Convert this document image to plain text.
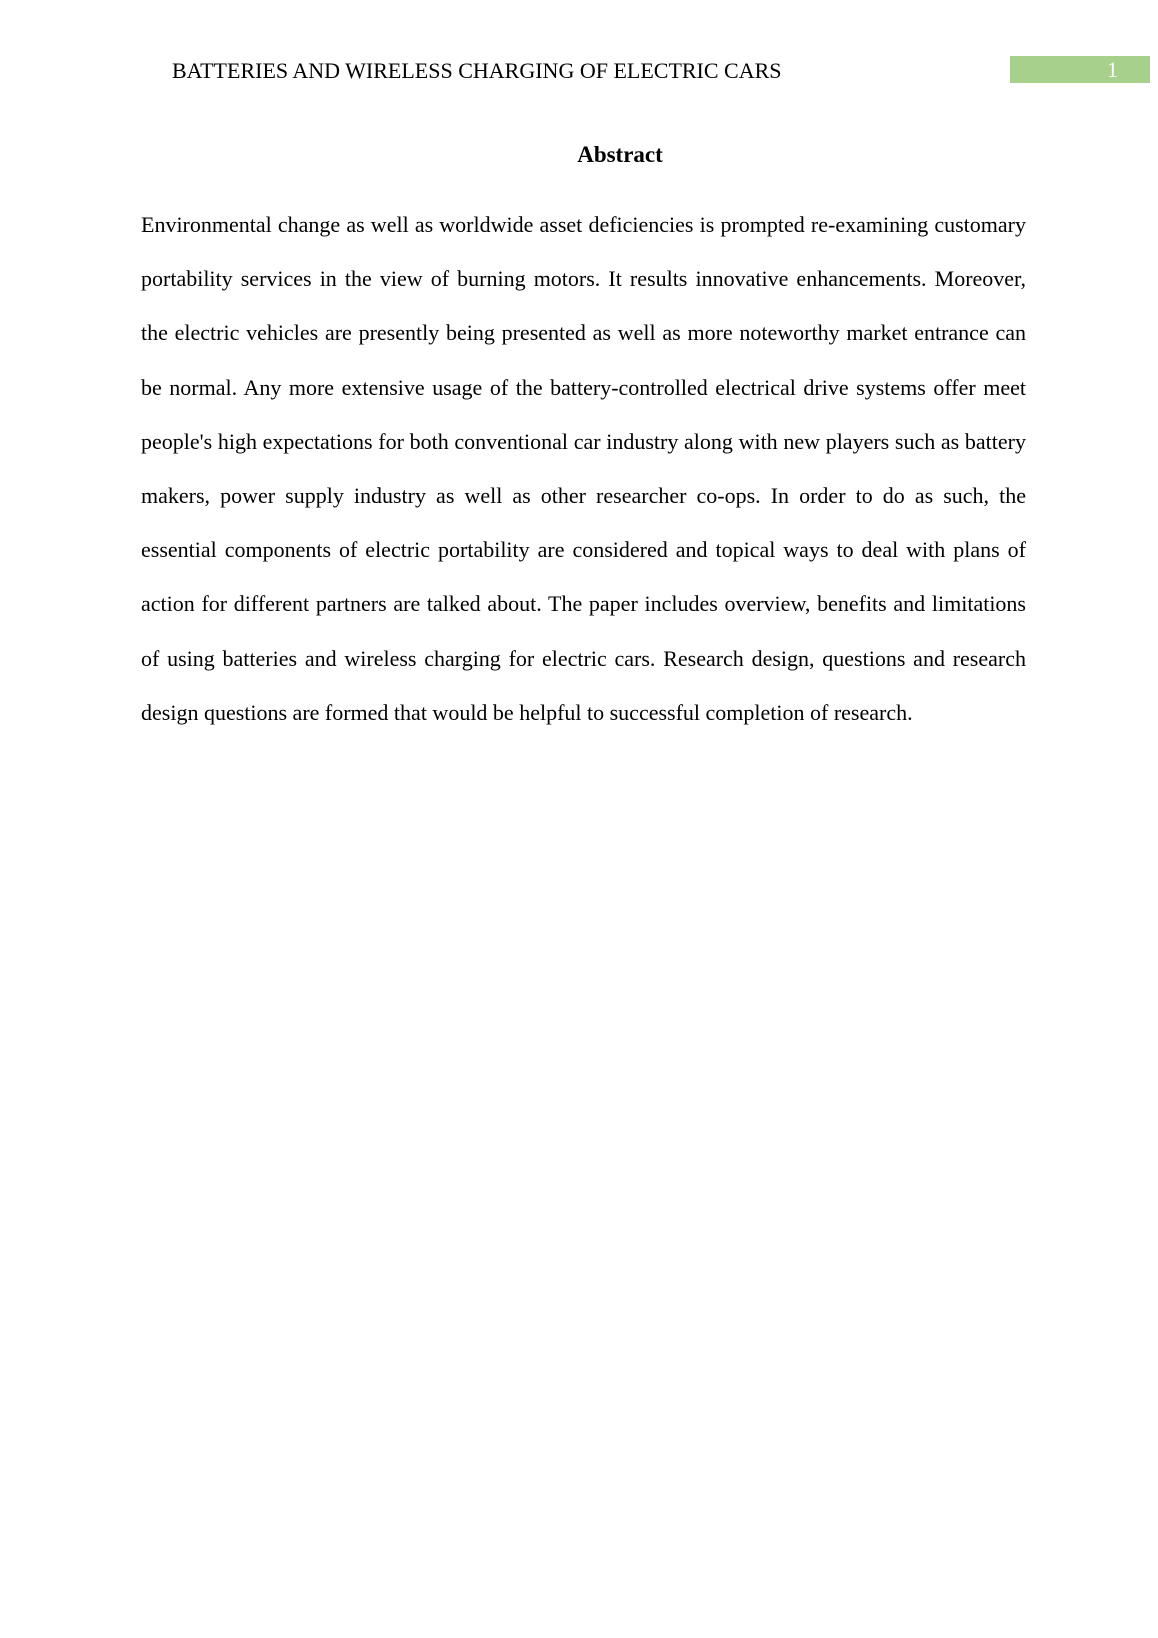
BATTERIES AND WIRELESS CHARGING OF ELECTRIC CARS	1
Abstract

Environmental change as well as worldwide asset deficiencies is prompted re-examining customary portability services in the view of burning motors. It results innovative enhancements. Moreover, the electric vehicles are presently being presented as well as more noteworthy market entrance can be normal. Any more extensive usage of the battery-controlled electrical drive systems offer meet people's high expectations for both conventional car industry along with new players such as battery makers, power supply industry as well as other researcher co-ops. In order to do as such, the essential components of electric portability are considered and topical ways to deal with plans of action for different partners are talked about. The paper includes overview, benefits and limitations of using batteries and wireless charging for electric cars. Research design, questions and research design questions are formed that would be helpful to successful completion of research.
